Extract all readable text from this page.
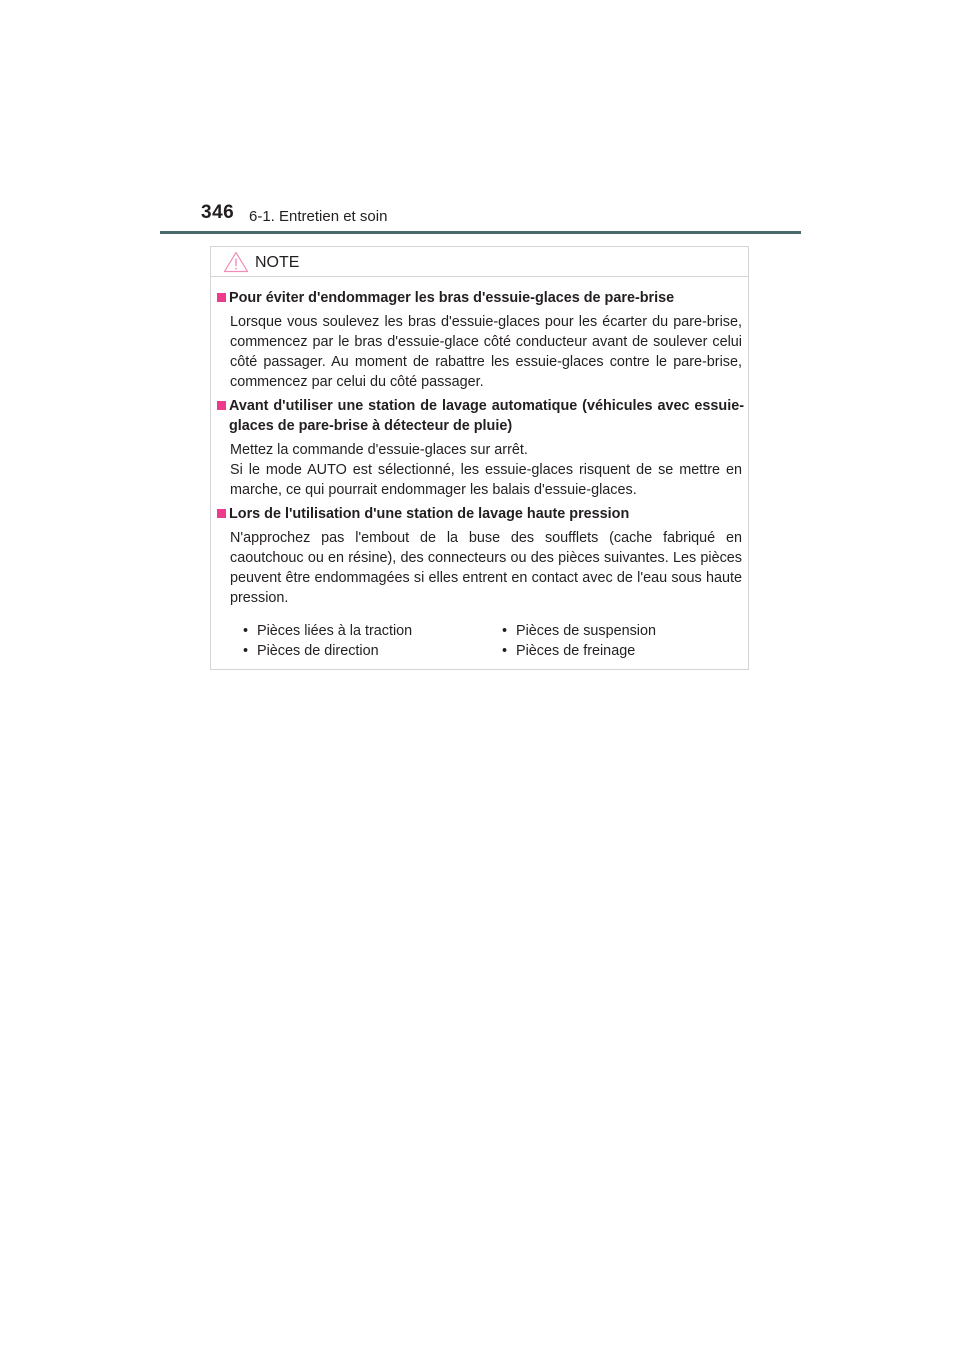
346 6-1. Entretien et soin
NOTE
Pour éviter d'endommager les bras d'essuie-glaces de pare-brise
Lorsque vous soulevez les bras d'essuie-glaces pour les écarter du pare-brise, commencez par le bras d'essuie-glace côté conducteur avant de soulever celui côté passager. Au moment de rabattre les essuie-glaces contre le pare-brise, commencez par celui du côté passager.
Avant d'utiliser une station de lavage automatique (véhicules avec essuie-glaces de pare-brise à détecteur de pluie)
Mettez la commande d'essuie-glaces sur arrêt.
Si le mode AUTO est sélectionné, les essuie-glaces risquent de se mettre en marche, ce qui pourrait endommager les balais d'essuie-glaces.
Lors de l'utilisation d'une station de lavage haute pression
N'approchez pas l'embout de la buse des soufflets (cache fabriqué en caoutchouc ou en résine), des connecteurs ou des pièces suivantes. Les pièces peuvent être endommagées si elles entrent en contact avec de l'eau sous haute pression.
• Pièces liées à la traction
• Pièces de direction
• Pièces de suspension
• Pièces de freinage
